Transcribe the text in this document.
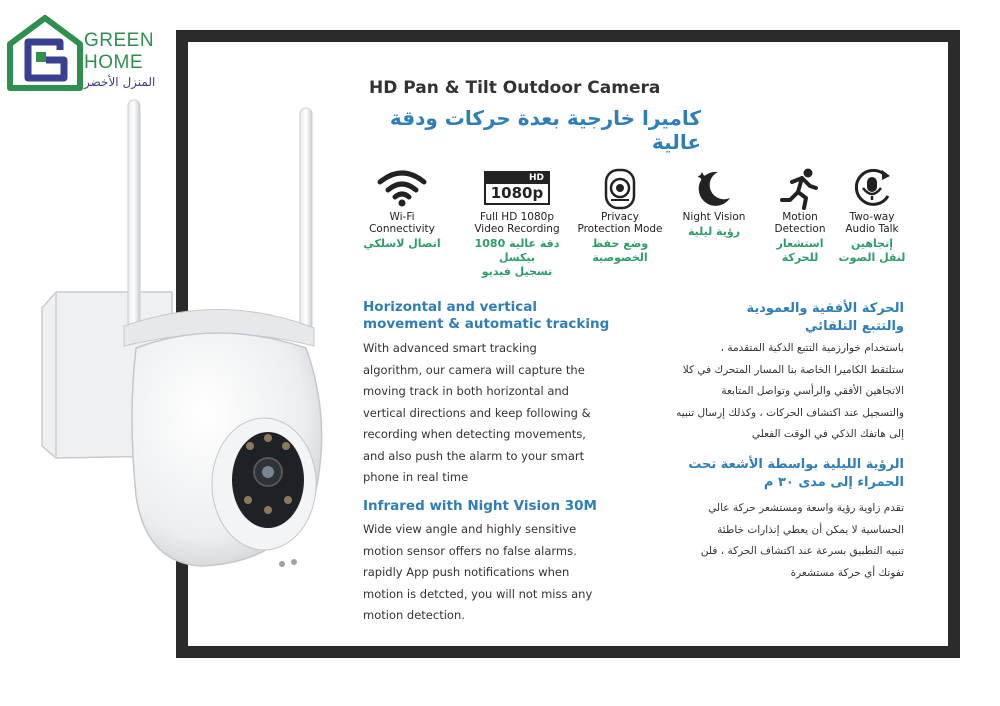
GREEN
HOME
المنزل الأخضر	HD Pan & Tilt Outdoor Camera
كاميرا خارجية بعدة حركات ودقة عالية
Wi-Fi
Connectivity
اتصال لاسلكي
HD
1080p
Full HD 1080p
Video Recording
دقة عالية 1080 بيكسل
تسجيل فيديو
Privacy
Protection Mode
وضع حفظ
الخصوصية
Night Vision
رؤية ليلية
Motion
Detection
استشعار
للحركة
Two-way
Audio Talk
إتجاهين
لنقل الصوت
Horizontal and vertical
movement & automatic tracking
With advanced smart tracking
algorithm, our camera will capture the
moving track in both horizontal and
vertical directions and keep following &
recording when detecting movements,
and also push the alarm to your smart
phone in real time
Infrared with Night Vision 30M
Wide view angle and highly sensitive
motion sensor offers no false alarms.
rapidly App push notifications when
motion is detcted, you will not miss any
motion detection.
الحركة الأفقية والعمودية
والتتبع التلقائي
باستخدام خوارزمية التتبع الذكية المتقدمة ،
ستلتقط الكاميرا الخاصة بنا المسار المتحرك في كلا
الاتجاهين الأفقي والرأسي وتواصل المتابعة
والتسجيل عند اكتشاف الحركات ، وكذلك إرسال تنبيه
إلى هاتفك الذكي في الوقت الفعلي
الرؤية الليلية بواسطة الأشعة تحت
الحمراء إلى مدى ٣٠ م
تقدم زاوية رؤية واسعة ومستشعر حركة عالي
الحساسية لا يمكن أن يعطي إنذارات خاطئة
تنبيه التطبيق بسرعة عند اكتشاف الحركة ، فلن
تفوتك أي حركة مستشعرة
